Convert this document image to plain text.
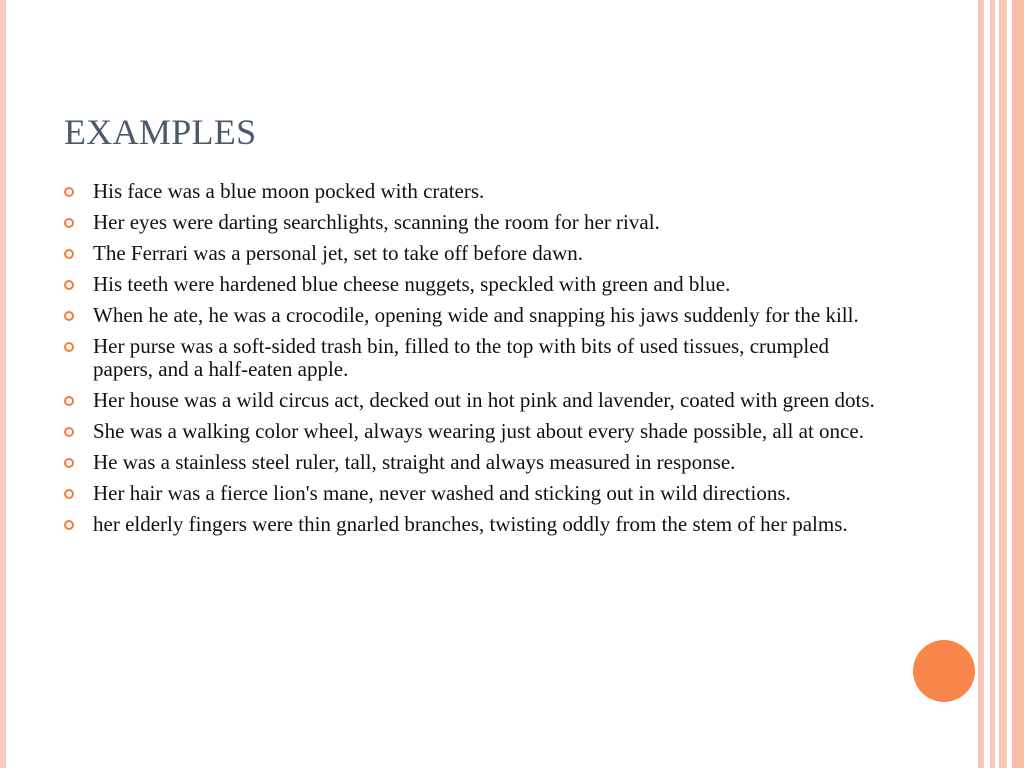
EXAMPLES
His face was a blue moon pocked with craters.
Her eyes were darting searchlights, scanning the room for her rival.
The Ferrari was a personal jet, set to take off before dawn.
His teeth were hardened blue cheese nuggets, speckled with green and blue.
When he ate, he was a crocodile, opening wide and snapping his jaws suddenly for the kill.
Her purse was a soft-sided trash bin, filled to the top with bits of used tissues, crumpled papers, and a half-eaten apple.
Her house was a wild circus act, decked out in hot pink and lavender, coated with green dots.
She was a walking color wheel, always wearing just about every shade possible, all at once.
He was a stainless steel ruler, tall, straight and always measured in response.
Her hair was a fierce lion's mane, never washed and sticking out in wild directions.
her elderly fingers were thin gnarled branches, twisting oddly from the stem of her palms.
